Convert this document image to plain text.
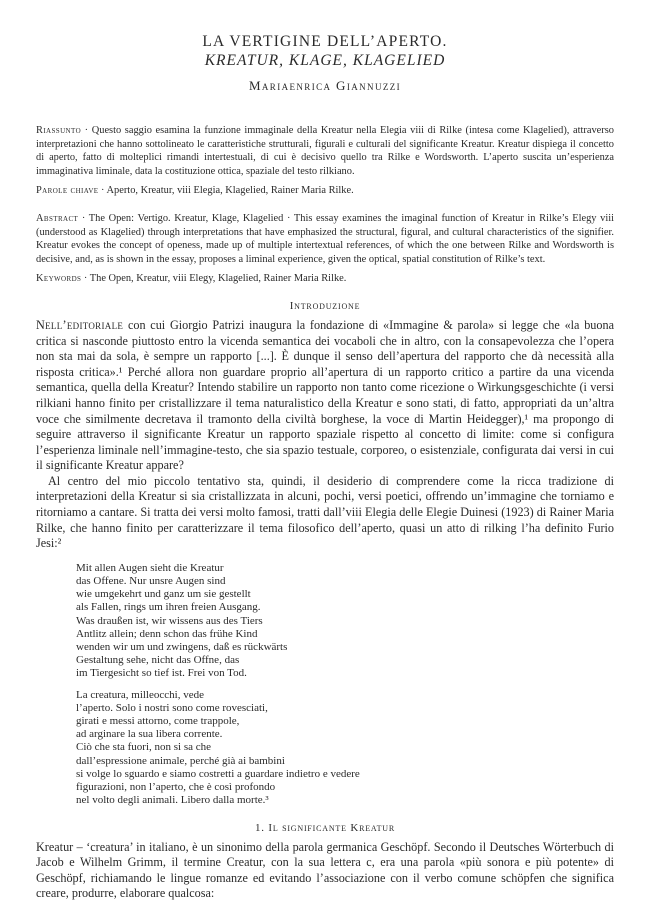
LA VERTIGINE DELL’APERTO.
KREATUR, KLAGE, KLAGELIED
Mariaenrica Giannuzzi

Riassunto · Questo saggio esamina la funzione immaginale della Kreatur nella Elegia viii di Rilke (intesa come Klagelied), attraverso interpretazioni che hanno sottolineato le caratteristiche strutturali, figurali e culturali del significante Kreatur. Kreatur dispiega il concetto di aperto, fatto di molteplici rimandi intertestuali, di cui è decisivo quello tra Rilke e Wordsworth. L’aperto suscita un’esperienza immaginativa liminale, data la costituzione ottica, spaziale del testo rilkiano.

Parole chiave · Aperto, Kreatur, viii Elegia, Klagelied, Rainer Maria Rilke.

Abstract · The Open: Vertigo. Kreatur, Klage, Klagelied · This essay examines the imaginal function of Kreatur in Rilke’s Elegy viii (understood as Klagelied) through interpretations that have emphasized the structural, figural, and cultural characteristics of the signifier. Kreatur evokes the concept of openess, made up of multiple intertextual references, of which the one between Rilke and Wordsworth is decisive, and, as is shown in the essay, proposes a liminal experience, given the optical, spatial constitution of Rilke’s text.

Keywords · The Open, Kreatur, viii Elegy, Klagelied, Rainer Maria Rilke.

Introduzione

Nell’editoriale con cui Giorgio Patrizi inaugura la fondazione di «Immagine & parola» si legge che «la buona critica si nasconde piuttosto entro la vicenda semantica dei vocaboli che in altro, con la consapevolezza che l’opera non sta mai da sola, è sempre un rapporto [...]. È dunque il senso dell’apertura del rapporto che dà necessità alla risposta critica».¹ Perché allora non guardare proprio all’apertura di un rapporto critico a partire da una vicenda semantica, quella della Kreatur? Intendo stabilire un rapporto non tanto come ricezione o Wirkungsgeschichte (i versi rilkiani hanno finito per cristallizzare il tema naturalistico della Kreatur e sono stati, di fatto, appropriati da un’altra voce che similmente decretava il tramonto della civiltà borghese, la voce di Martin Heidegger),¹ ma propongo di seguire attraverso il significante Kreatur un rapporto spaziale rispetto al concetto di limite: come si configura l’esperienza liminale nell’immagine-testo, che sia spazio testuale, corporeo, o esistenziale, configurata dai versi in cui il significante Kreatur appare?

Al centro del mio piccolo tentativo sta, quindi, il desiderio di comprendere come la ricca tradizione di interpretazioni della Kreatur si sia cristallizzata in alcuni, pochi, versi poetici, offrendo un’immagine che torniamo e ritorniamo a cantare. Si tratta dei versi molto famosi, tratti dall’viii Elegia delle Elegie Duinesi (1923) di Rainer Maria Rilke, che hanno finito per caratterizzare il tema filosofico dell’aperto, quasi un atto di rilking l’ha definito Furio Jesi:²

Mit allen Augen sieht die Kreatur
das Offene. Nur unsre Augen sind
wie umgekehrt und ganz um sie gestellt
als Fallen, rings um ihren freien Ausgang.
Was draußen ist, wir wissens aus des Tiers
Antlitz allein; denn schon das frühe Kind
wenden wir um und zwingens, daß es rückwärts
Gestaltung sehe, nicht das Offne, das
im Tiergesicht so tief ist. Frei von Tod.
La creatura, milleocchi, vede
l’aperto. Solo i nostri sono come rovesciati,
girati e messi attorno, come trappole,
ad arginare la sua libera corrente.
Ciò che sta fuori, non si sa che
dall’espressione animale, perché già ai bambini
si volge lo sguardo e siamo costretti a guardare indietro e vedere
figurazioni, non l’aperto, che è così profondo
nel volto degli animali. Libero dalla morte.³
1. Il significante Kreatur

Kreatur – ‘creatura’ in italiano, è un sinonimo della parola germanica Geschöpf. Secondo il Deutsches Wörterbuch di Jacob e Wilhelm Grimm, il termine Creatur, con la sua lettera c, era una parola «più sonora e più potente» di Geschöpf, richiamando le lingue romanze ed evitando l’associazione con il verbo comune schöpfen che significa creare, produrre, elaborare qualcosa:
